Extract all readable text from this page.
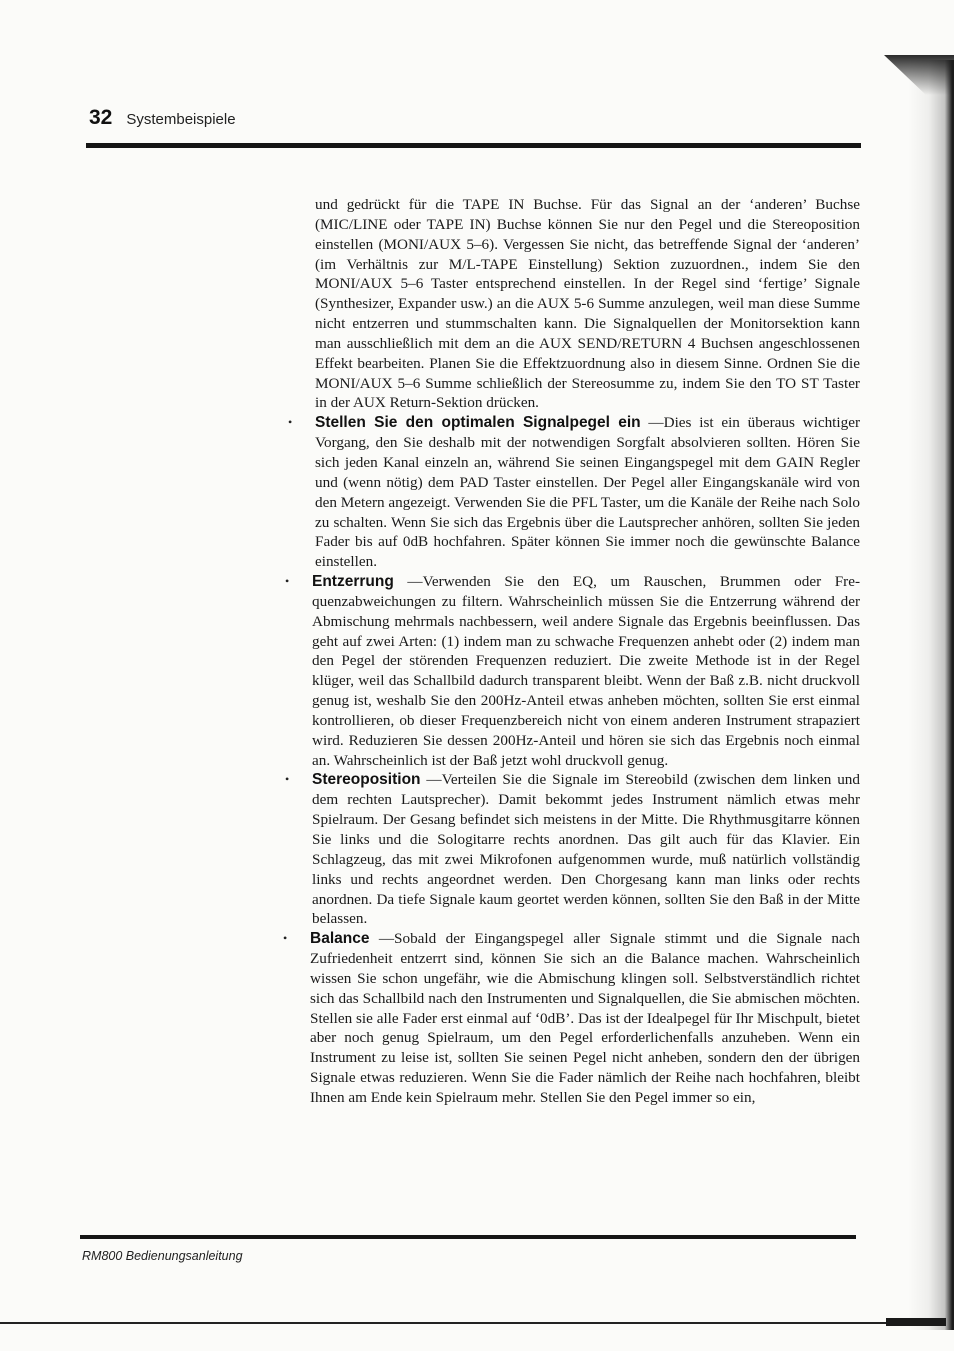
32 Systembeispiele

und gedrückt für die TAPE IN Buchse. Für das Signal an der ‘anderen’ Buchse (MIC/LINE oder TAPE IN) Buchse können Sie nur den Pegel und die Stereoposition einstellen (MONI/AUX 5–6). Vergessen Sie nicht, das betreffende Signal der ‘anderen’ (im Verhältnis zur M/L-TAPE Einstellung) Sektion zuzuordnen., indem Sie den MONI/AUX 5–6 Taster entsprechend einstellen. In der Regel sind ‘fertige’ Signale (Synthesizer, Expander usw.) an die AUX 5-6 Summe anzulegen, weil man diese Summe nicht entzerren und stummschalten kann. Die Signalquellen der Monitorsektion kann man ausschließlich mit dem an die AUX SEND/RETURN 4 Buchsen angeschlossenen Effekt bearbeiten. Planen Sie die Effektzuordnung also in diesem Sinne. Ordnen Sie die MONI/AUX 5–6 Summe schließlich der Stereosumme zu, indem Sie den TO ST Taster in der AUX Return-Sektion drücken.

• Stellen Sie den optimalen Signalpegel ein —Dies ist ein überaus wichtiger Vorgang, den Sie deshalb mit der notwendigen Sorgfalt absolvieren sollten. Hören Sie sich jeden Kanal einzeln an, während Sie seinen Eingangspegel mit dem GAIN Regler und (wenn nötig) dem PAD Taster einstellen. Der Pegel aller Eingangskanäle wird von den Metern angezeigt. Verwenden Sie die PFL Taster, um die Kanäle der Reihe nach Solo zu schalten. Wenn Sie sich das Ergebnis über die Lautsprecher anhören, sollten Sie jeden Fader bis auf 0dB hochfahren. Später können Sie immer noch die gewünschte Balance einstellen.
• Entzerrung —Verwenden Sie den EQ, um Rauschen, Brummen oder Frequenzabweichungen zu filtern. Wahrscheinlich müssen Sie die Entzerrung während der Abmischung mehrmals nachbessern, weil andere Signale das Ergebnis beeinflussen. Das geht auf zwei Arten: (1) indem man zu schwache Frequenzen anhebt oder (2) indem man den Pegel der störenden Frequenzen reduziert. Die zweite Methode ist in der Regel klüger, weil das Schallbild dadurch transparent bleibt. Wenn der Baß z.B. nicht druckvoll genug ist, weshalb Sie den 200Hz-Anteil etwas anheben möchten, sollten Sie erst einmal kontrollieren, ob dieser Frequenzbereich nicht von einem anderen Instrument strapaziert wird. Reduzieren Sie dessen 200Hz-Anteil und hören sie sich das Ergebnis noch einmal an. Wahrscheinlich ist der Baß jetzt wohl druckvoll genug.
• Stereoposition —Verteilen Sie die Signale im Stereobild (zwischen dem linken und dem rechten Lautsprecher). Damit bekommt jedes Instrument nämlich etwas mehr Spielraum. Der Gesang befindet sich meistens in der Mitte. Die Rhythmusgitarre können Sie links und die Sologitarre rechts anordnen. Das gilt auch für das Klavier. Ein Schlagzeug, das mit zwei Mikrofonen aufgenommen wurde, muß natürlich vollständig links und rechts angeordnet werden. Den Chorgesang kann man links oder rechts anordnen. Da tiefe Signale kaum geortet werden können, sollten Sie den Baß in der Mitte belassen.
• Balance —Sobald der Eingangspegel aller Signale stimmt und die Signale nach Zufriedenheit entzerrt sind, können Sie sich an die Balance machen. Wahrscheinlich wissen Sie schon ungefähr, wie die Abmischung klingen soll. Selbstverständlich richtet sich das Schallbild nach den Instrumenten und Signalquellen, die Sie abmischen möchten. Stellen sie alle Fader erst einmal auf ‘0dB’. Das ist der Idealpegel für Ihr Mischpult, bietet aber noch genug Spielraum, um den Pegel erforderlichenfalls anzuheben. Wenn ein Instrument zu leise ist, sollten Sie seinen Pegel nicht anheben, sondern den der übrigen Signale etwas reduzieren. Wenn Sie die Fader nämlich der Reihe nach hochfahren, bleibt Ihnen am Ende kein Spielraum mehr. Stellen Sie den Pegel immer so ein,
RM800 Bedienungsanleitung
